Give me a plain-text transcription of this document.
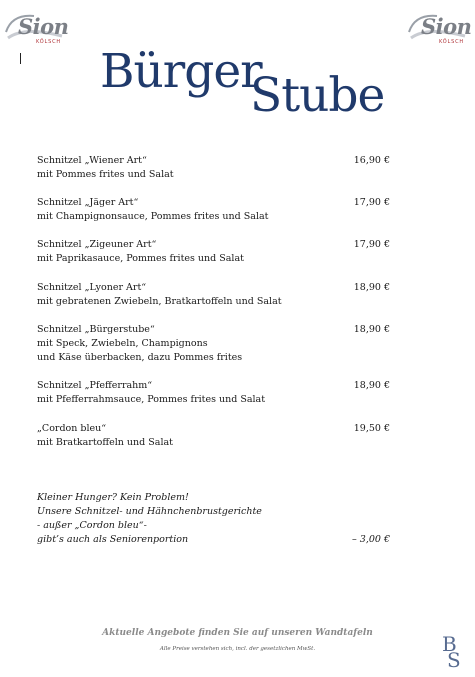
Sion
KÖLSCH
Sion
KÖLSCH
Bürger
Stube
Schnitzel „Wiener Art“
mit Pommes frites und Salat
16,90 €
Schnitzel „Jäger Art“
mit Champignonsauce, Pommes frites und Salat
17,90 €
Schnitzel „Zigeuner Art“
mit Paprikasauce, Pommes frites und Salat
17,90 €
Schnitzel „Lyoner Art“
mit gebratenen Zwiebeln, Bratkartoffeln und Salat
18,90 €
Schnitzel „Bürgerstube“
mit Speck, Zwiebeln, Champignons
und Käse überbacken, dazu Pommes frites
18,90 €
Schnitzel „Pfefferrahm“
mit Pfefferrahmsauce, Pommes frites und Salat
18,90 €
„Cordon bleu“
mit Bratkartoffeln und Salat
19,50 €
Kleiner Hunger? Kein Problem!
Unsere Schnitzel- und Hähnchenbrustgerichte
- außer „Cordon bleu“-
gibt’s auch als Seniorenportion	– 3,00 €
Aktuelle Angebote finden Sie auf unseren Wandtafeln
Alle Preise verstehen sich, incl. der gesetzlichen MwSt.	B
S
